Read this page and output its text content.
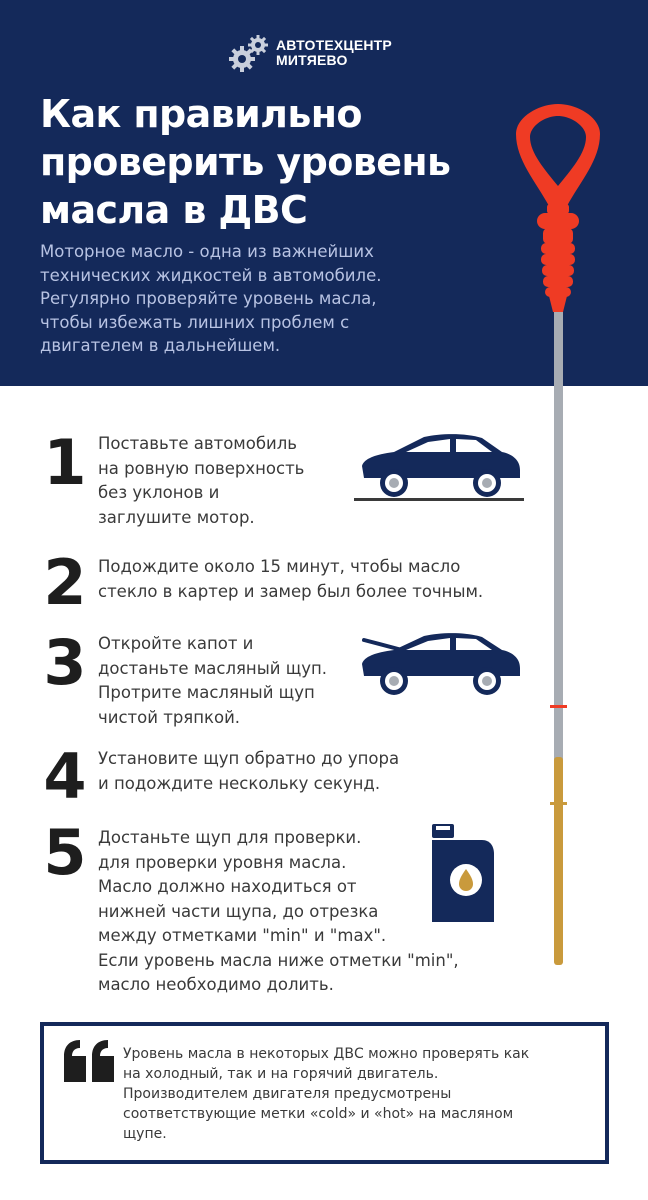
АВТОТЕХЦЕНТР
МИТЯЕВО
Как правильно
проверить уровень
масла в ДВС
Моторное масло - одна из важнейших
технических жидкостей в автомобиле.
Регулярно проверяйте уровень масла,
чтобы избежать лишних проблем с
двигателем в дальнейшем.
1 Поставьте автомобиль
на ровную поверхность
без уклонов и
заглушите мотор.
2 Подождите около 15 минут, чтобы масло
стекло в картер и замер был более точным.
3 Откройте капот и
достаньте масляный щуп.
Протрите масляный щуп
чистой тряпкой.
4 Установите щуп обратно до упора
и подождите нескольку секунд.
5 Достаньте щуп для проверки.
для проверки уровня масла.
Масло должно находиться от
нижней части щупа, до отрезка
между отметками "min" и "max".
Если уровень масла ниже отметки "min",
масло необходимо долить.
Уровень масла в некоторых ДВС можно проверять как
на холодный, так и на горячий двигатель.
Производителем двигателя предусмотрены
соответствующие метки «cold» и «hot» на масляном
щупе.
